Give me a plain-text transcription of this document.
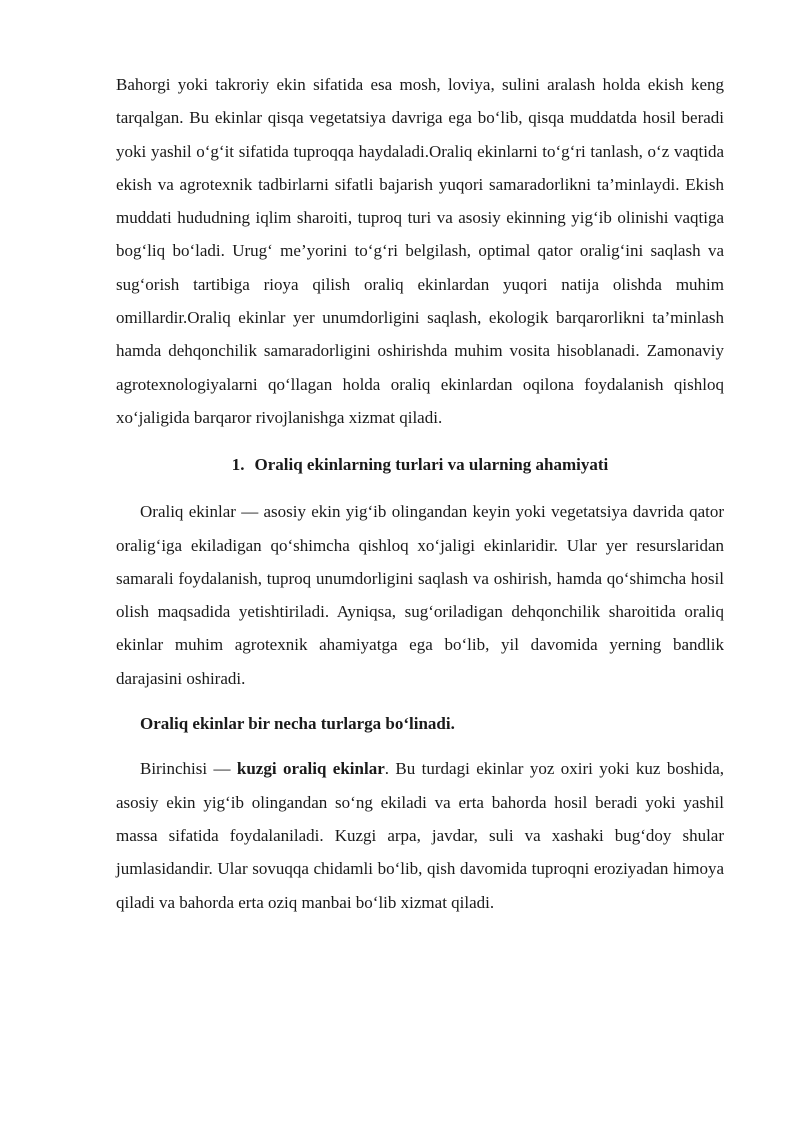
Bahorgi yoki takroriy ekin sifatida esa mosh, loviya, sulini aralash holda ekish keng tarqalgan. Bu ekinlar qisqa vegetatsiya davriga ega bo‘lib, qisqa muddatda hosil beradi yoki yashil o‘g‘it sifatida tuproqqa haydaladi.Oraliq ekinlarni to‘g‘ri tanlash, o‘z vaqtida ekish va agrotexnik tadbirlarni sifatli bajarish yuqori samaradorlikni ta’minlaydi. Ekish muddati hududning iqlim sharoiti, tuproq turi va asosiy ekinning yig‘ib olinishi vaqtiga bog‘liq bo‘ladi. Urug‘ me’yorini to‘g‘ri belgilash, optimal qator oralig‘ini saqlash va sug‘orish tartibiga rioya qilish oraliq ekinlardan yuqori natija olishda muhim omillardir.Oraliq ekinlar yer unumdorligini saqlash, ekologik barqarorlikni ta’minlash hamda dehqonchilik samaradorligini oshirishda muhim vosita hisoblanadi. Zamonaviy agrotexnologiyalarni qo‘llagan holda oraliq ekinlardan oqilona foydalanish qishloq xo‘jaligida barqaror rivojlanishga xizmat qiladi.

1. Oraliq ekinlarning turlari va ularning ahamiyati

Oraliq ekinlar — asosiy ekin yig‘ib olingandan keyin yoki vegetatsiya davrida qator oralig‘iga ekiladigan qo‘shimcha qishloq xo‘jaligi ekinlaridir. Ular yer resurslaridan samarali foydalanish, tuproq unumdorligini saqlash va oshirish, hamda qo‘shimcha hosil olish maqsadida yetishtiriladi. Ayniqsa, sug‘oriladigan dehqonchilik sharoitida oraliq ekinlar muhim agrotexnik ahamiyatga ega bo‘lib, yil davomida yerning bandlik darajasini oshiradi.

Oraliq ekinlar bir necha turlarga bo‘linadi.

Birinchisi — kuzgi oraliq ekinlar. Bu turdagi ekinlar yoz oxiri yoki kuz boshida, asosiy ekin yig‘ib olingandan so‘ng ekiladi va erta bahorda hosil beradi yoki yashil massa sifatida foydalaniladi. Kuzgi arpa, javdar, suli va xashaki bug‘doy shular jumlasidandir. Ular sovuqqa chidamli bo‘lib, qish davomida tuproqni eroziyadan himoya qiladi va bahorda erta oziq manbai bo‘lib xizmat qiladi.
